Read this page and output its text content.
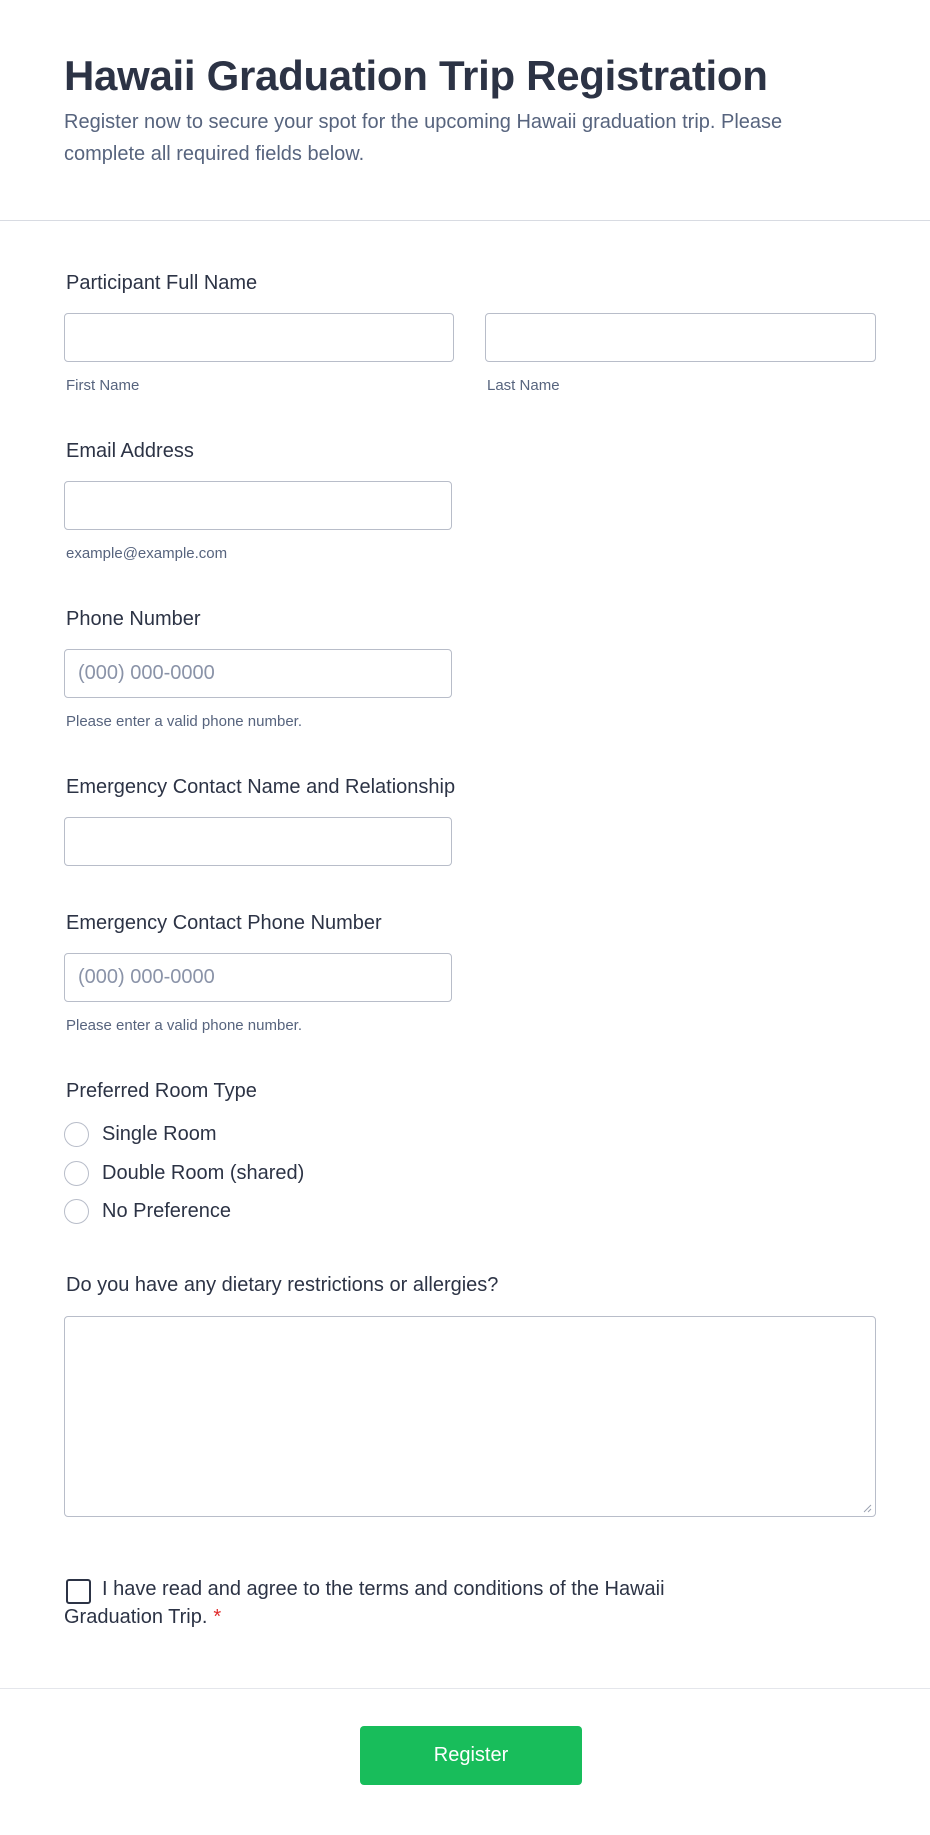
Hawaii Graduation Trip Registration

Register now to secure your spot for the upcoming Hawaii graduation trip. Please complete all required fields below.

Participant Full Name
First Name	Last Name
Email Address
example@example.com
Phone Number
(000) 000-0000
Please enter a valid phone number.
Emergency Contact Name and Relationship
Emergency Contact Phone Number
(000) 000-0000
Please enter a valid phone number.
Preferred Room Type
Single Room
Double Room (shared)
No Preference
Do you have any dietary restrictions or allergies?

I have read and agree to the terms and conditions of the Hawaii Graduation Trip. *

Register
